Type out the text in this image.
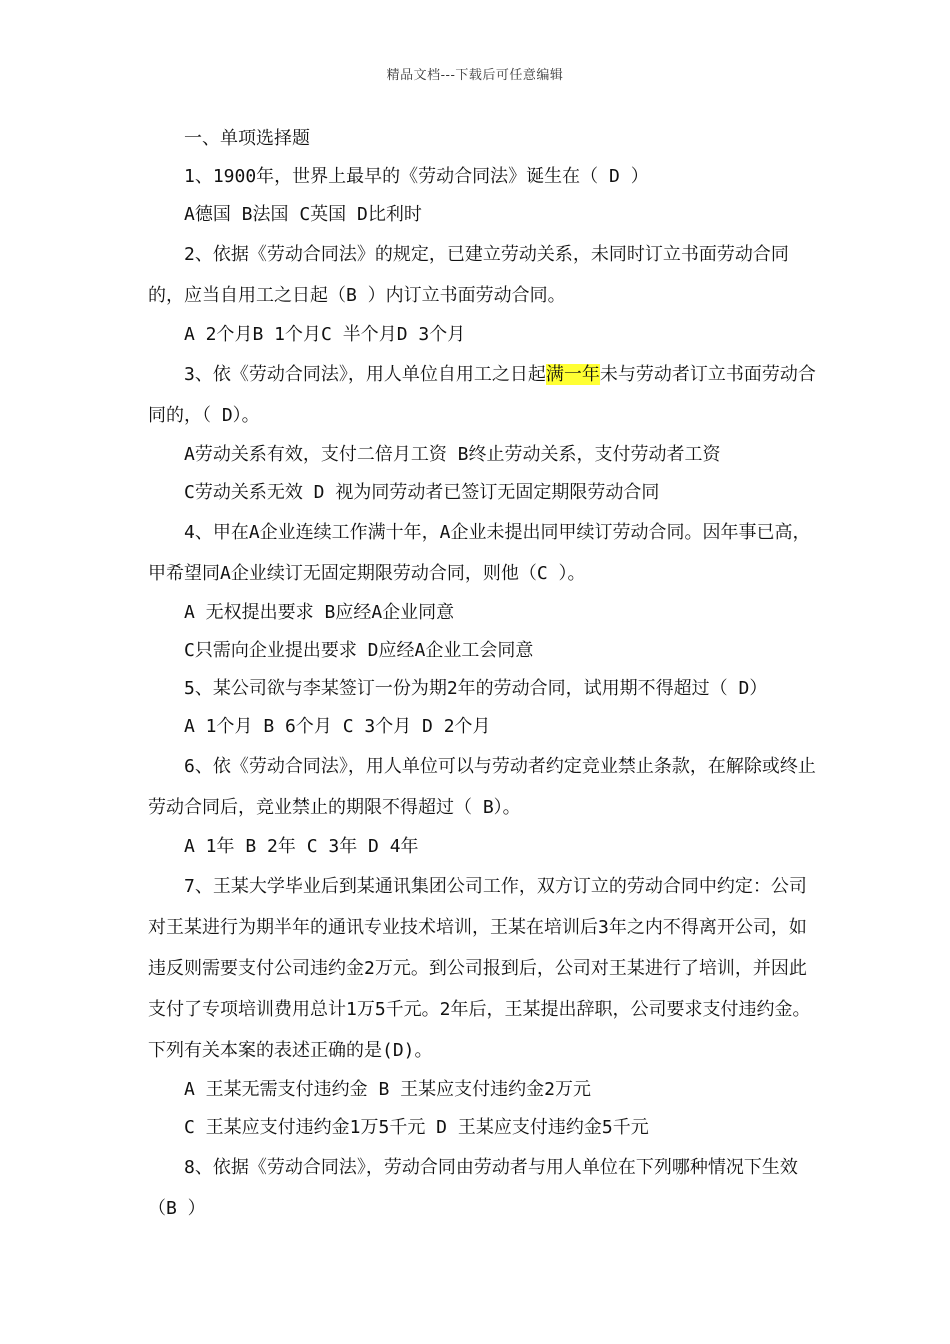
精品文档---下载后可任意编辑
一、单项选择题
1、1900年，世界上最早的《劳动合同法》诞生在（ D ）
A德国 B法国 C英国 D比利时
2、依据《劳动合同法》的规定，已建立劳动关系，未同时订立书面劳动合同的，应当自用工之日起（B ）内订立书面劳动合同。
A 2个月B 1个月C 半个月D 3个月
3、依《劳动合同法》，用人单位自用工之日起满一年未与劳动者订立书面劳动合同的，（ D）。
A劳动关系有效，支付二倍月工资 B终止劳动关系，支付劳动者工资
C劳动关系无效 D 视为同劳动者已签订无固定期限劳动合同
4、甲在A企业连续工作满十年，A企业未提出同甲续订劳动合同。因年事已高，甲希望同A企业续订无固定期限劳动合同，则他（C ）。
A 无权提出要求 B应经A企业同意
C只需向企业提出要求 D应经A企业工会同意
5、某公司欲与李某签订一份为期2年的劳动合同，试用期不得超过（ D）
A 1个月 B 6个月 C 3个月 D 2个月
6、依《劳动合同法》，用人单位可以与劳动者约定竞业禁止条款，在解除或终止劳动合同后，竞业禁止的期限不得超过（ B）。
A 1年 B 2年 C 3年 D 4年
7、王某大学毕业后到某通讯集团公司工作，双方订立的劳动合同中约定：公司对王某进行为期半年的通讯专业技术培训，王某在培训后3年之内不得离开公司，如违反则需要支付公司违约金2万元。到公司报到后，公司对王某进行了培训，并因此支付了专项培训费用总计1万5千元。2年后，王某提出辞职，公司要求支付违约金。下列有关本案的表述正确的是(D)。
A 王某无需支付违约金 B 王某应支付违约金2万元
C 王某应支付违约金1万5千元 D 王某应支付违约金5千元
8、依据《劳动合同法》，劳动合同由劳动者与用人单位在下列哪种情况下生效（B ）
